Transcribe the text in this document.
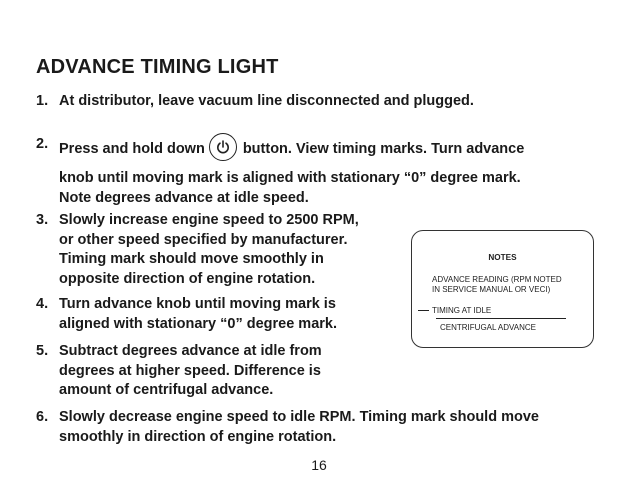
ADVANCE TIMING LIGHT
1. At distributor, leave vacuum line disconnected and plugged.
2. Press and hold down	button. View timing marks. Turn advance
knob until moving mark is aligned with stationary “0” degree mark.
Note degrees advance at idle speed.
3. Slowly increase engine speed to 2500 RPM,
or other speed specified by manufacturer.
Timing mark should move smoothly in
opposite direction of engine rotation.
4. Turn advance knob until moving mark is
aligned with stationary “0” degree mark.
5. Subtract degrees advance at idle from
degrees at higher speed. Difference is
amount of centrifugal advance.
6. Slowly decrease engine speed to idle RPM. Timing mark should move
smoothly in direction of engine rotation.
NOTES
ADVANCE READING (RPM NOTED
IN SERVICE MANUAL OR VECI)
TIMING AT IDLE
CENTRIFUGAL ADVANCE
16
